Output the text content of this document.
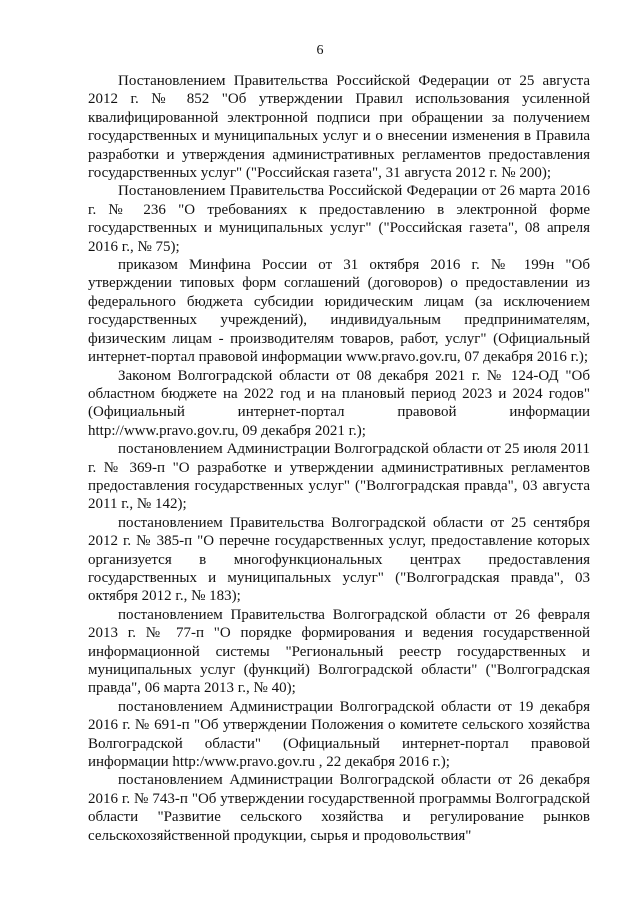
6

Постановлением Правительства Российской Федерации от 25 августа 2012 г. № 852 "Об утверждении Правил использования усиленной квалифицированной электронной подписи при обращении за получением государственных и муниципальных услуг и о внесении изменения в Правила разработки и утверждения административных регламентов предоставления государственных услуг" ("Российская газета", 31 августа 2012 г. № 200);

Постановлением Правительства Российской Федерации от 26 марта 2016 г. № 236 "О требованиях к предоставлению в электронной форме государственных и муниципальных услуг" ("Российская газета", 08 апреля 2016 г., № 75);

приказом Минфина России от 31 октября 2016 г. № 199н "Об утверждении типовых форм соглашений (договоров) о предоставлении из федерального бюджета субсидии юридическим лицам (за исключением государственных учреждений), индивидуальным предпринимателям, физическим лицам - производителям товаров, работ, услуг" (Официальный интернет-портал правовой информации www.pravo.gov.ru, 07 декабря 2016 г.);

Законом Волгоградской области от 08 декабря 2021 г. № 124-ОД "Об областном бюджете на 2022 год и на плановый период 2023 и 2024 годов" (Официальный интернет-портал правовой информации http://www.pravo.gov.ru, 09 декабря 2021 г.);

постановлением Администрации Волгоградской области от 25 июля 2011 г. № 369-п "О разработке и утверждении административных регламентов предоставления государственных услуг" ("Волгоградская правда", 03 августа 2011 г., № 142);

постановлением Правительства Волгоградской области от 25 сентября 2012 г. № 385-п "О перечне государственных услуг, предоставление которых организуется в многофункциональных центрах предоставления государственных и муниципальных услуг" ("Волгоградская правда", 03 октября 2012 г., № 183);

постановлением Правительства Волгоградской области от 26 февраля 2013 г. № 77-п "О порядке формирования и ведения государственной информационной системы "Региональный реестр государственных и муниципальных услуг (функций) Волгоградской области" ("Волгоградская правда", 06 марта 2013 г., № 40);

постановлением Администрации Волгоградской области от 19 декабря 2016 г. № 691-п "Об утверждении Положения о комитете сельского хозяйства Волгоградской области" (Официальный интернет-портал правовой информации http:/www.pravo.gov.ru , 22 декабря 2016 г.);

постановлением Администрации Волгоградской области от 26 декабря 2016 г. № 743-п "Об утверждении государственной программы Волгоградской области "Развитие сельского хозяйства и регулирование рынков сельскохозяйственной продукции, сырья и продовольствия"
